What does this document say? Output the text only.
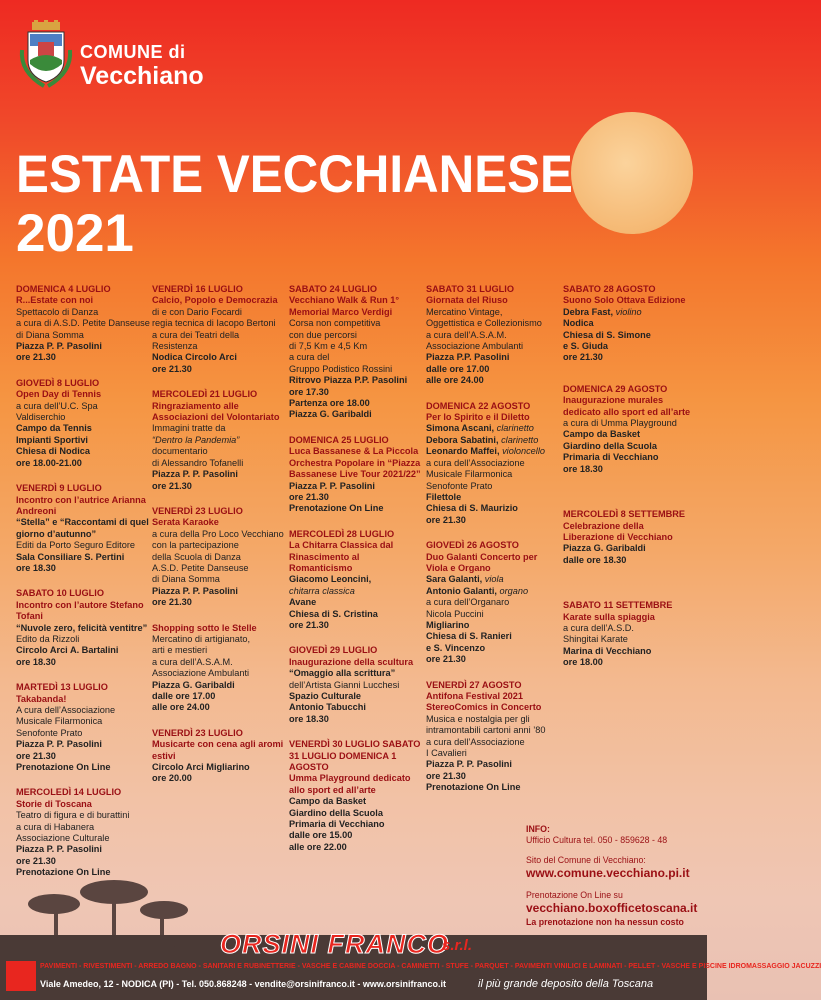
COMUNE di
Vecchiano
ESTATE VECCHIANESE
2021
DOMENICA 4 LUGLIO
R...Estate con noi
Spettacolo di Danza
a cura di A.S.D. Petite Danseuse
di Diana Somma
Piazza P. P. Pasolini
ore 21.30
GIOVEDÌ 8 LUGLIO
Open Day di Tennis
a cura dell’U.C. Spa
Valdiserchio
Campo da Tennis
Impianti Sportivi
Chiesa di Nodica
ore 18.00-21.00
VENERDÌ 9 LUGLIO
Incontro con l’autrice Arianna Andreoni
“Stella” e “Raccontami di quel giorno d’autunno”
Editi da Porto Seguro Editore
Sala Consiliare S. Pertini
ore 18.30
SABATO 10 LUGLIO
Incontro con l’autore Stefano Tofani
“Nuvole zero, felicità ventitre”
Edito da Rizzoli
Circolo Arci A. Bartalini
ore 18.30
MARTEDÌ 13 LUGLIO
Takabanda!
A cura dell’Associazione
Musicale Filarmonica
Senofonte Prato
Piazza P. P. Pasolini
ore 21.30
Prenotazione On Line
MERCOLEDÌ 14 LUGLIO
Storie di Toscana
Teatro di figura e di burattini
a cura di Habanera
Associazione Culturale
Piazza P. P. Pasolini
ore 21.30
Prenotazione On Line
VENERDÌ 16 LUGLIO
Calcio, Popolo e Democrazia
di e con Dario Focardi
regia tecnica di Iacopo Bertoni
a cura dei Teatri della Resistenza
Nodica Circolo Arci
ore 21.30
MERCOLEDÌ 21 LUGLIO
Ringraziamento alle Associazioni del Volontariato
Immagini tratte da
“Dentro la Pandemia”
documentario
di Alessandro Tofanelli
Piazza P. P. Pasolini
ore 21.30
VENERDÌ 23 LUGLIO
Serata Karaoke
a cura della Pro Loco Vecchiano
con la partecipazione
della Scuola di Danza
A.S.D. Petite Danseuse
di Diana Somma
Piazza P. P. Pasolini
ore 21.30
Shopping sotto le Stelle
Mercatino di artigianato,
arti e mestieri
a cura dell’A.S.A.M.
Associazione Ambulanti
Piazza G. Garibaldi
dalle ore 17.00
alle ore 24.00
VENERDÌ 23 LUGLIO
Musicarte con cena agli aromi estivi
Circolo Arci Migliarino
ore 20.00
SABATO 24 LUGLIO
Vecchiano Walk & Run 1° Memorial Marco Verdigi
Corsa non competitiva
con due percorsi
di 7,5 Km e 4,5 Km
a cura del
Gruppo Podistico Rossini
Ritrovo Piazza P.P. Pasolini
ore 17.30
Partenza ore 18.00
Piazza G. Garibaldi
DOMENICA 25 LUGLIO
Luca Bassanese & La Piccola Orchestra Popolare in “Piazza Bassanese Live Tour 2021/22”
Piazza P. P. Pasolini
ore 21.30
Prenotazione On Line
MERCOLEDÌ 28 LUGLIO
La Chitarra Classica dal Rinascimento al Romanticismo
Giacomo Leoncini,
chitarra classica
Avane
Chiesa di S. Cristina
ore 21.30
GIOVEDÌ 29 LUGLIO
Inaugurazione della scultura
“Omaggio alla scrittura”
dell’Artista Gianni Lucchesi
Spazio Culturale
Antonio Tabucchi
ore 18.30
VENERDÌ 30 LUGLIO SABATO 31 LUGLIO DOMENICA 1 AGOSTO
Umma Playground dedicato allo sport ed all’arte
Campo da Basket
Giardino della Scuola
Primaria di Vecchiano
dalle ore 15.00
alle ore 22.00
SABATO 31 LUGLIO
Giornata del Riuso
Mercatino Vintage,
Oggettistica e Collezionismo
a cura dell’A.S.A.M.
Associazione Ambulanti
Piazza P.P. Pasolini
dalle ore 17.00
alle ore 24.00
DOMENICA 22 AGOSTO
Per lo Spirito e il Diletto
Simona Ascani, clarinetto
Debora Sabatini, clarinetto
Leonardo Maffei, violoncello
a cura dell’Associazione
Musicale Filarmonica
Senofonte Prato
Filettole
Chiesa di S. Maurizio
ore 21.30
GIOVEDÌ 26 AGOSTO
Duo Galanti Concerto per Viola e Organo
Sara Galanti, viola
Antonio Galanti, organo
a cura dell’Organaro
Nicola Puccini
Migliarino
Chiesa di S. Ranieri
e S. Vincenzo
ore 21.30
VENERDÌ 27 AGOSTO
Antifona Festival 2021 StereoComics in Concerto
Musica e nostalgia per gli
intramontabili cartoni anni ’80
a cura dell’Associazione
I Cavalieri
Piazza P. P. Pasolini
ore 21.30
Prenotazione On Line
SABATO 28 AGOSTO
Suono Solo Ottava Edizione
Debra Fast, violino
Nodica
Chiesa di S. Simone
e S. Giuda
ore 21.30
DOMENICA 29 AGOSTO
Inaugurazione murales dedicato allo sport ed all’arte
a cura di Umma Playground
Campo da Basket
Giardino della Scuola
Primaria di Vecchiano
ore 18.30
MERCOLEDÌ 8 SETTEMBRE
Celebrazione della Liberazione di Vecchiano
Piazza G. Garibaldi
dalle ore 18.30
SABATO 11 SETTEMBRE
Karate sulla spiaggia
a cura dell’A.S.D.
Shingitai Karate
Marina di Vecchiano
ore 18.00
INFO:
Ufficio Cultura tel. 050 - 859628 - 48
Sito del Comune di Vecchiano:
www.comune.vecchiano.pi.it
Prenotazione On Line su
vecchiano.boxofficetoscana.it
La prenotazione non ha nessun costo
ORSINI FRANCO
s.r.l.
PAVIMENTI - RIVESTIMENTI - ARREDO BAGNO - SANITARI E RUBINETTERIE - VASCHE E CABINE DOCCIA - CAMINETTI - STUFE - PARQUET - PAVIMENTI VINILICI E LAMINATI - PELLET - VASCHE E PISCINE IDROMASSAGGIO JACUZZI
Viale Amedeo, 12 - NODICA (PI) - Tel. 050.868248 - vendite@orsinifranco.it - www.orsinifranco.it	il più grande deposito della Toscana
